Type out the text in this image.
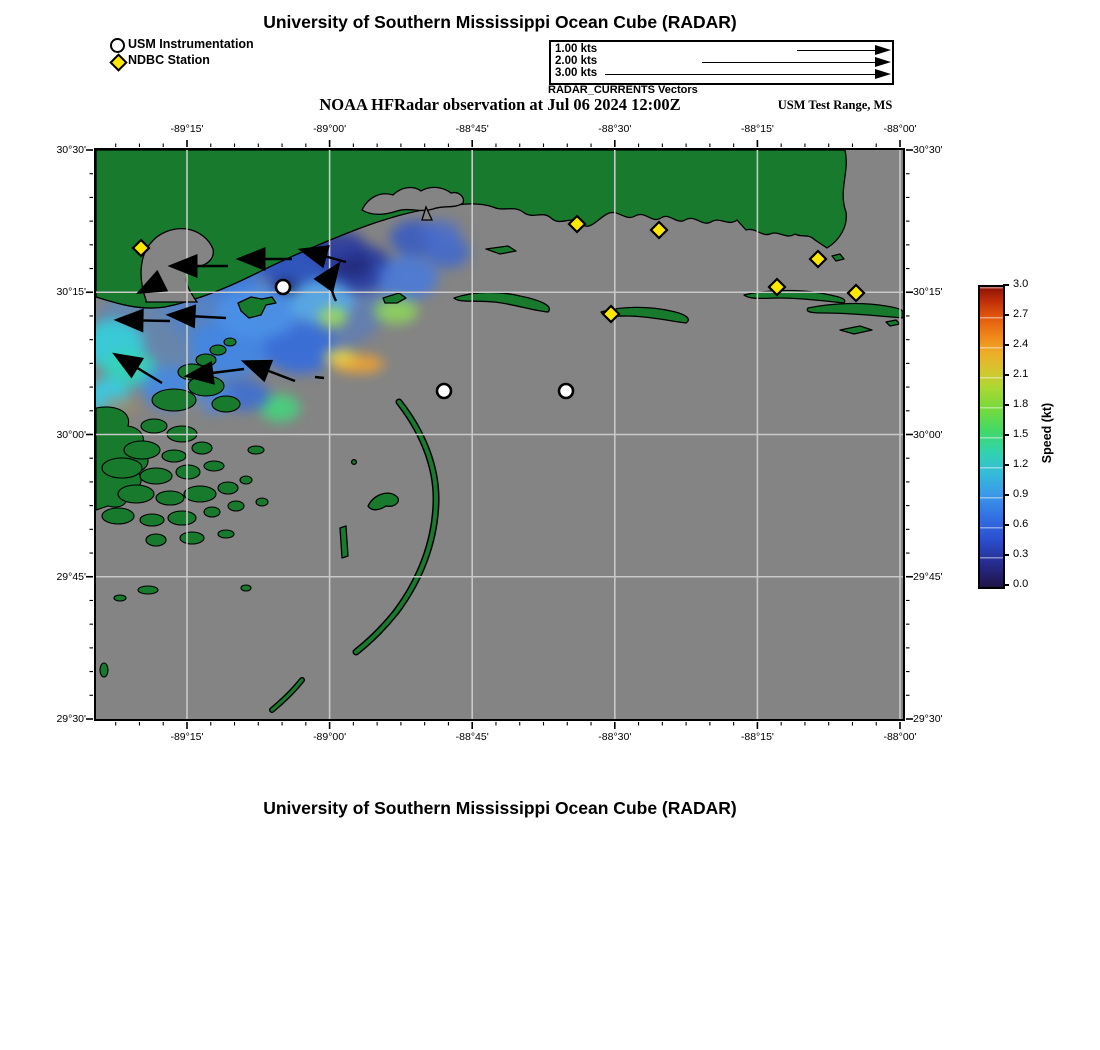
University of Southern Mississippi Ocean Cube (RADAR)
USM Instrumentation
NDBC Station
1.00 kts
2.00 kts
3.00 kts
RADAR_CURRENTS Vectors
NOAA HFRadar observation at Jul 06 2024 12:00Z	USM Test Range, MS
Speed (kt)
University of Southern Mississippi Ocean Cube (RADAR)
-89°15'
-89°15'
-89°00'
-89°00'
-88°45'
-88°45'
-88°30'
-88°30'
-88°15'
-88°15'
-88°00'
-88°00'
30°30'	30°30'
30°15'	30°15'
30°00'	30°00'
29°45'	29°45'
29°30'	29°30'
3.0
2.7
2.4
2.1
1.8
1.5
1.2
0.9
0.6
0.3
0.0
